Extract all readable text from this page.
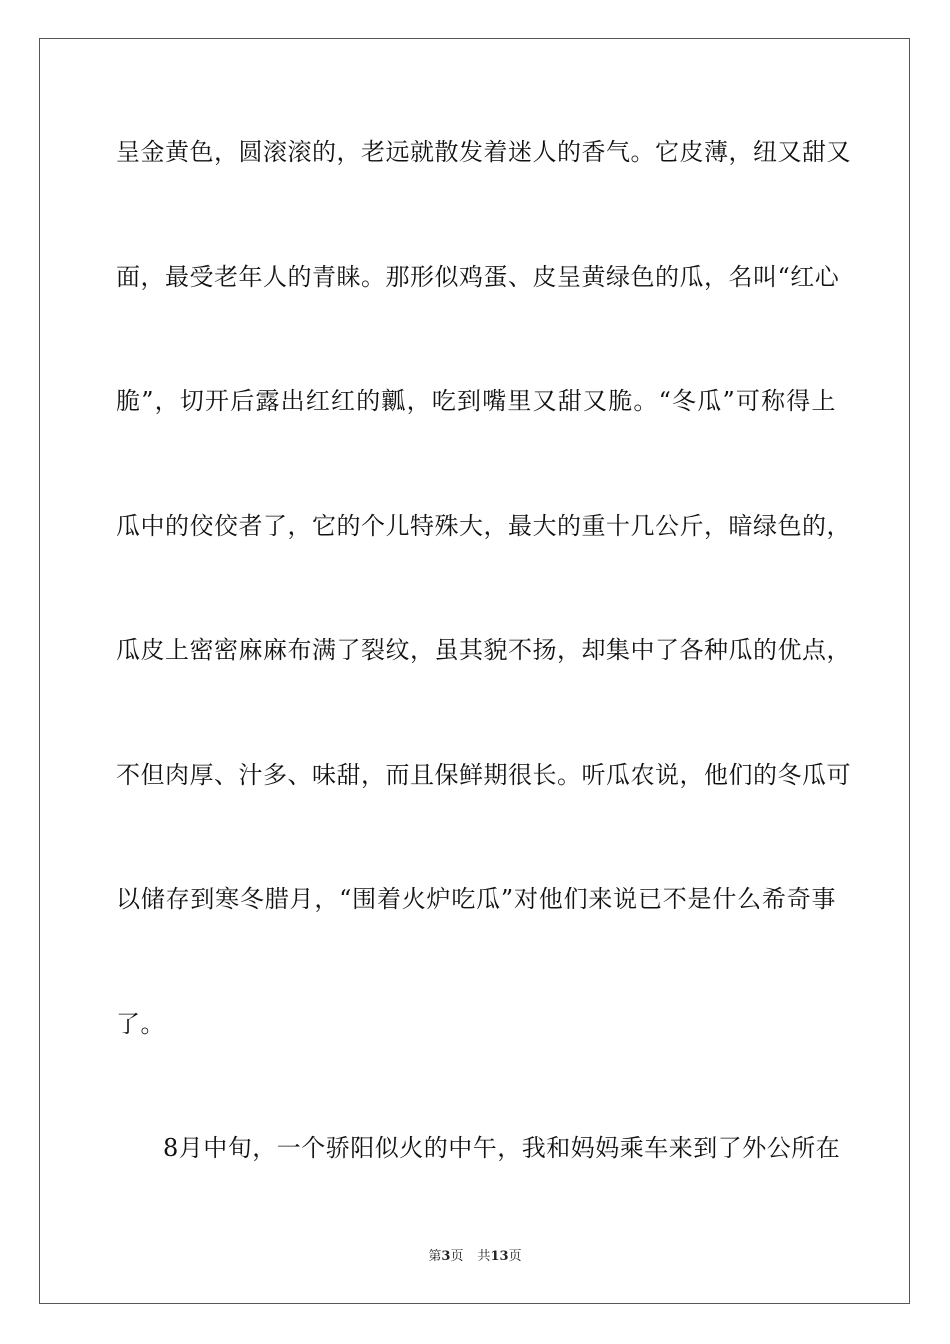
呈金黄色，圆滚滚的，老远就散发着迷人的香气。它皮薄，纽又甜又

面，最受老年人的青睐。那形似鸡蛋、皮呈黄绿色的瓜，名叫“红心

脆”，切开后露出红红的瓤，吃到嘴里又甜又脆。“冬瓜”可称得上

瓜中的佼佼者了，它的个儿特殊大，最大的重十几公斤，暗绿色的，

瓜皮上密密麻麻布满了裂纹，虽其貌不扬，却集中了各种瓜的优点，

不但肉厚、汁多、味甜，而且保鲜期很长。听瓜农说，他们的冬瓜可

以储存到寒冬腊月，“围着火炉吃瓜”对他们来说已不是什么希奇事

了。

8月中旬，一个骄阳似火的中午，我和妈妈乘车来到了外公所在

第3页 共13页
